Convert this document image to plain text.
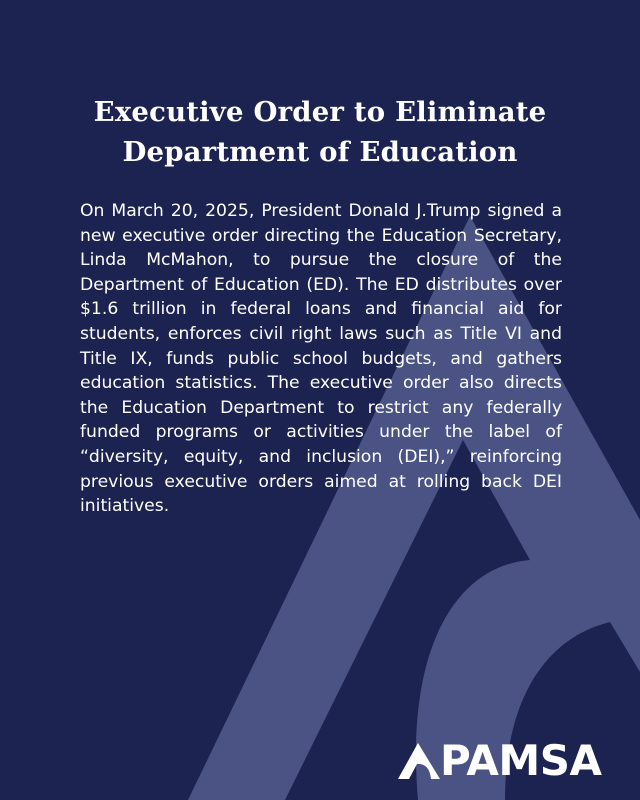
Executive Order to Eliminate Department of Education

On March 20, 2025, President Donald J.Trump signed a new executive order directing the Education Secretary, Linda McMahon, to pursue the closure of the Department of Education (ED). The ED distributes over $1.6 trillion in federal loans and financial aid for students, enforces civil right laws such as Title VI and Title IX, funds public school budgets, and gathers education statistics. The executive order also directs the Education Department to restrict any federally funded programs or activities under the label of “diversity, equity, and inclusion (DEI),” reinforcing previous executive orders aimed at rolling back DEI initiatives.

PAMSA
